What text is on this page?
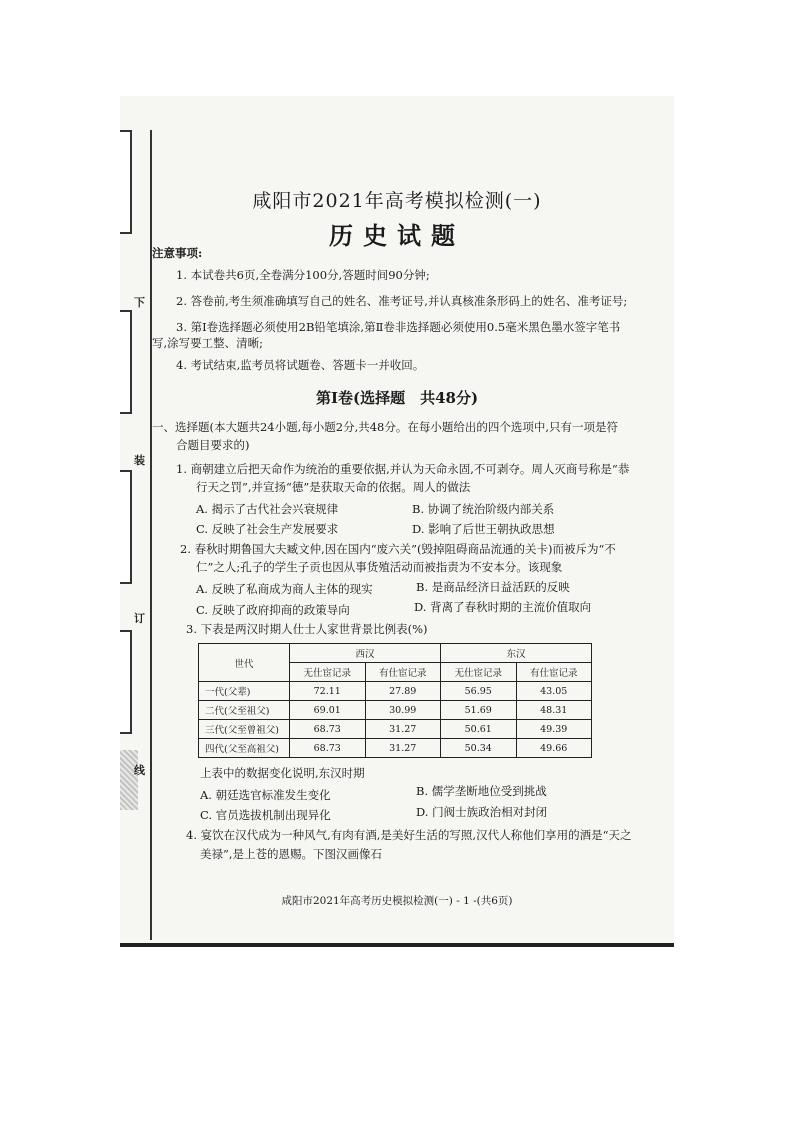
下
装
订
线
咸阳市2021年高考模拟检测(一)
历史试题
注意事项:
1. 本试卷共6页,全卷满分100分,答题时间90分钟;
2. 答卷前,考生须准确填写自己的姓名、准考证号,并认真核准条形码上的姓名、准考证号;
3. 第Ⅰ卷选择题必须使用2B铅笔填涂,第Ⅱ卷非选择题必须使用0.5毫米黑色墨水签字笔书
写,涂写要工整、清晰;
4. 考试结束,监考员将试题卷、答题卡一并收回。
第Ⅰ卷(选择题　共48分)
一、选择题(本大题共24小题,每小题2分,共48分。在每小题给出的四个选项中,只有一项是符
合题目要求的)
1. 商朝建立后把天命作为统治的重要依据,并认为天命永固,不可剥夺。周人灭商号称是“恭
行天之罚”,并宣扬“德”是获取天命的依据。周人的做法
A. 揭示了古代社会兴衰规律	B. 协调了统治阶级内部关系
C. 反映了社会生产发展要求	D. 影响了后世王朝执政思想
2. 春秋时期鲁国大夫臧文仲,因在国内“废六关”(毁掉阻碍商品流通的关卡)而被斥为“不
仁”之人;孔子的学生子贡也因从事货殖活动而被指责为不安本分。该现象
A. 反映了私商成为商人主体的现实	B. 是商品经济日益活跃的反映
C. 反映了政府抑商的政策导向	D. 背离了春秋时期的主流价值取向
3. 下表是两汉时期人仕士人家世背景比例表(%)
世代	西汉		东汉	
	无仕宦记录	有仕宦记录	无仕宦记录	有仕宦记录
一代(父辈)	72.11	27.89	56.95	43.05
二代(父至祖父)	69.01	30.99	51.69	48.31
三代(父至曾祖父)	68.73	31.27	50.61	49.39
四代(父至高祖父)	68.73	31.27	50.34	49.66
上表中的数据变化说明,东汉时期
A. 朝廷选官标准发生变化	B. 儒学垄断地位受到挑战
C. 官员选拔机制出现异化	D. 门阀士族政治相对封闭
4. 宴饮在汉代成为一种风气,有肉有酒,是美好生活的写照,汉代人称他们享用的酒是“天之
美禄”,是上苍的恩赐。下图汉画像石
咸阳市2021年高考历史模拟检测(一) - 1 -(共6页)
